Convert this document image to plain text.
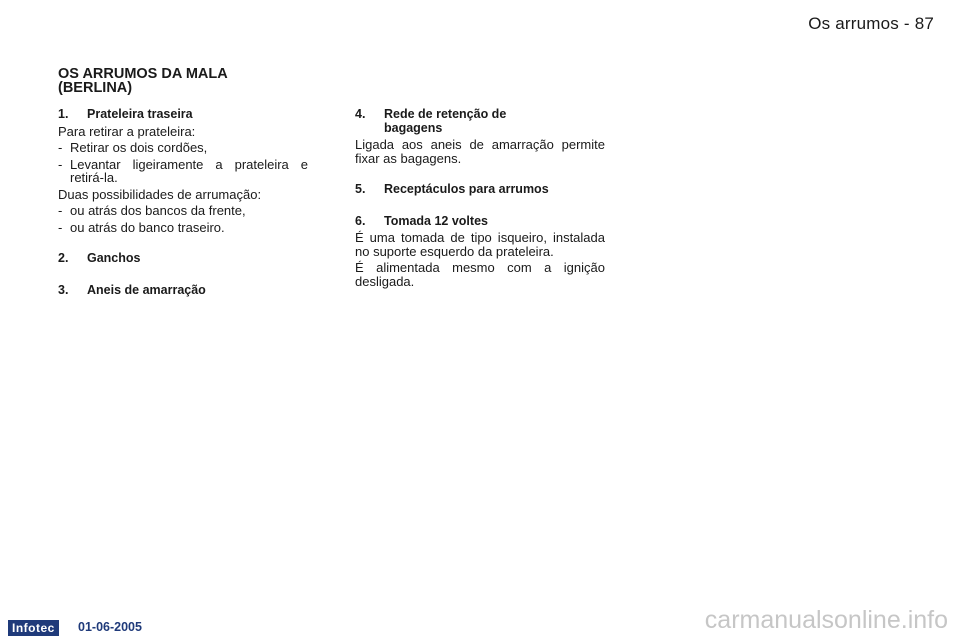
Os arrumos - 87
OS ARRUMOS DA MALA
(BERLINA)
1. Prateleira traseira

Para retirar a prateleira:

- Retirar os dois cordões,
- Levantar ligeiramente a prateleira e retirá-la.

Duas possibilidades de arrumação:

- ou atrás dos bancos da frente,
- ou atrás do banco traseiro.
2. Ganchos
3. Aneis de amarração
4. Rede de retenção de
bagagens

Ligada aos aneis de amarração permite fixar as bagagens.

5. Receptáculos para arrumos
6. Tomada 12 voltes

É uma tomada de tipo isqueiro, instalada no suporte esquerdo da prateleira.

É alimentada mesmo com a ignição desligada.

Infotec	01-06-2005	carmanualsonline.info
